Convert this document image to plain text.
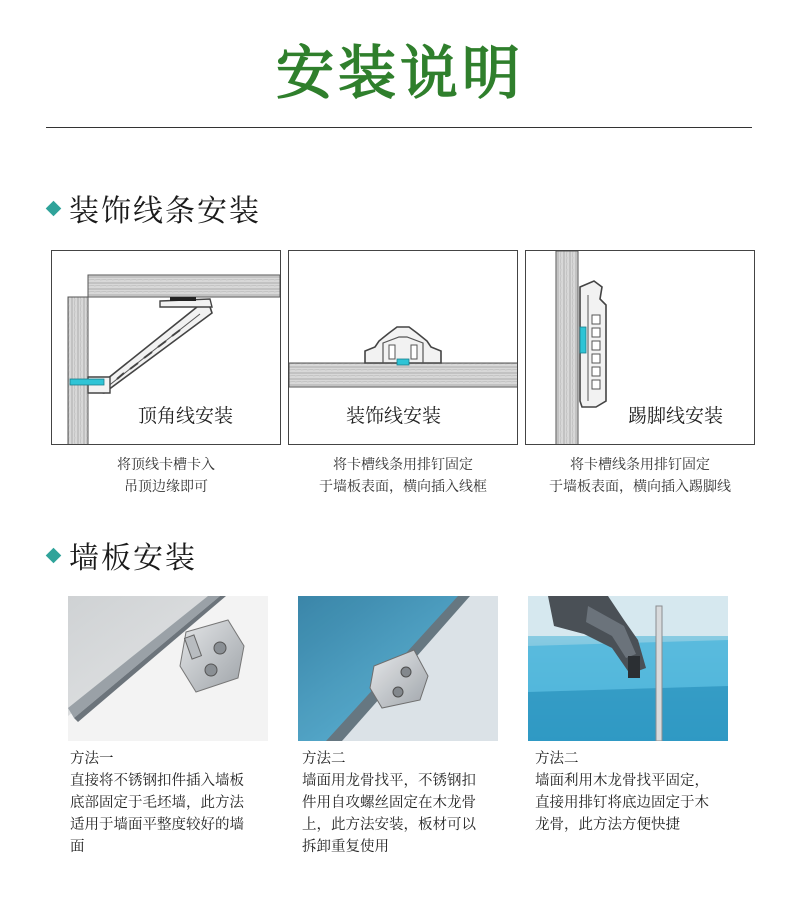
安装说明
装饰线条安装
顶角线安装	装饰线安装	踢脚线安装
将顶线卡槽卡入
吊顶边缘即可
将卡槽线条用排钉固定
于墙板表面，横向插入线框
将卡槽线条用排钉固定
于墙板表面，横向插入踢脚线
墙板安装
方法一
直接将不锈钢扣件插入墙板
底部固定于毛坯墙，此方法
适用于墙面平整度较好的墙
面
方法二
墙面用龙骨找平，不锈钢扣
件用自攻螺丝固定在木龙骨
上，此方法安装，板材可以
拆卸重复使用
方法二
墙面利用木龙骨找平固定，
直接用排钉将底边固定于木
龙骨，此方法方便快捷
